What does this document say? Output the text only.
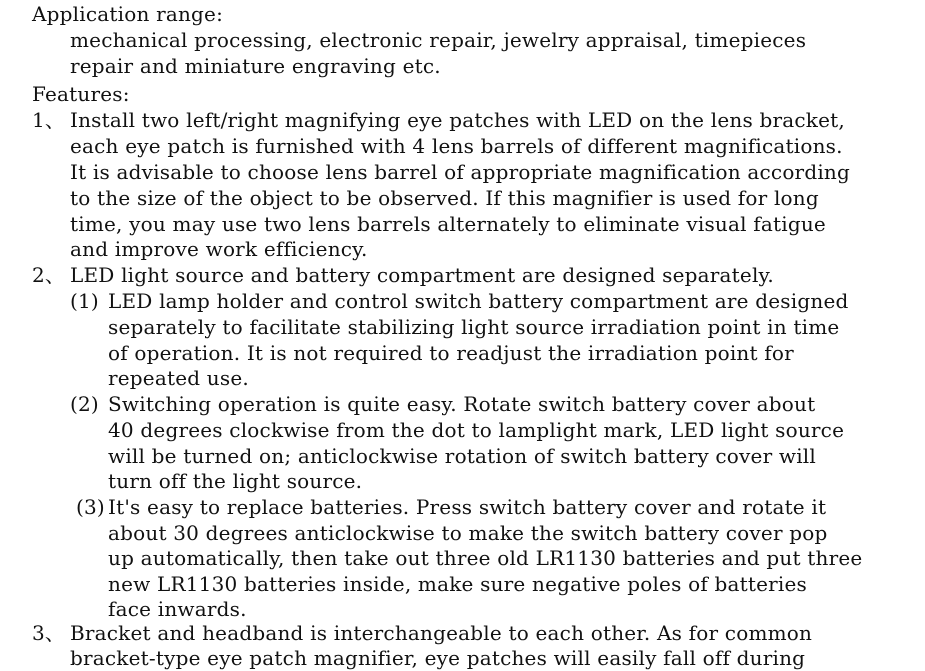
Application range:
mechanical processing, electronic repair, jewelry appraisal, timepieces
repair and miniature engraving etc.
Features:
1、 Install two left/right magnifying eye patches with LED on the lens bracket,
each eye patch is furnished with 4 lens barrels of different magnifications.
It is advisable to choose lens barrel of appropriate magnification according
to the size of the object to be observed. If this magnifier is used for long
time, you may use two lens barrels alternately to eliminate visual fatigue
and improve work efficiency.
2、 LED light source and battery compartment are designed separately.
(1) LED lamp holder and control switch battery compartment are designed
separately to facilitate stabilizing light source irradiation point in time
of operation. It is not required to readjust the irradiation point for
repeated use.
(2) Switching operation is quite easy. Rotate switch battery cover about
40 degrees clockwise from the dot to lamplight mark, LED light source
will be turned on; anticlockwise rotation of switch battery cover will
turn off the light source.
(3) It's easy to replace batteries. Press switch battery cover and rotate it
about 30 degrees anticlockwise to make the switch battery cover pop
up automatically, then take out three old LR1130 batteries and put three
new LR1130 batteries inside, make sure negative poles of batteries
face inwards.
3、 Bracket and headband is interchangeable to each other. As for common
bracket-type eye patch magnifier, eye patches will easily fall off during
